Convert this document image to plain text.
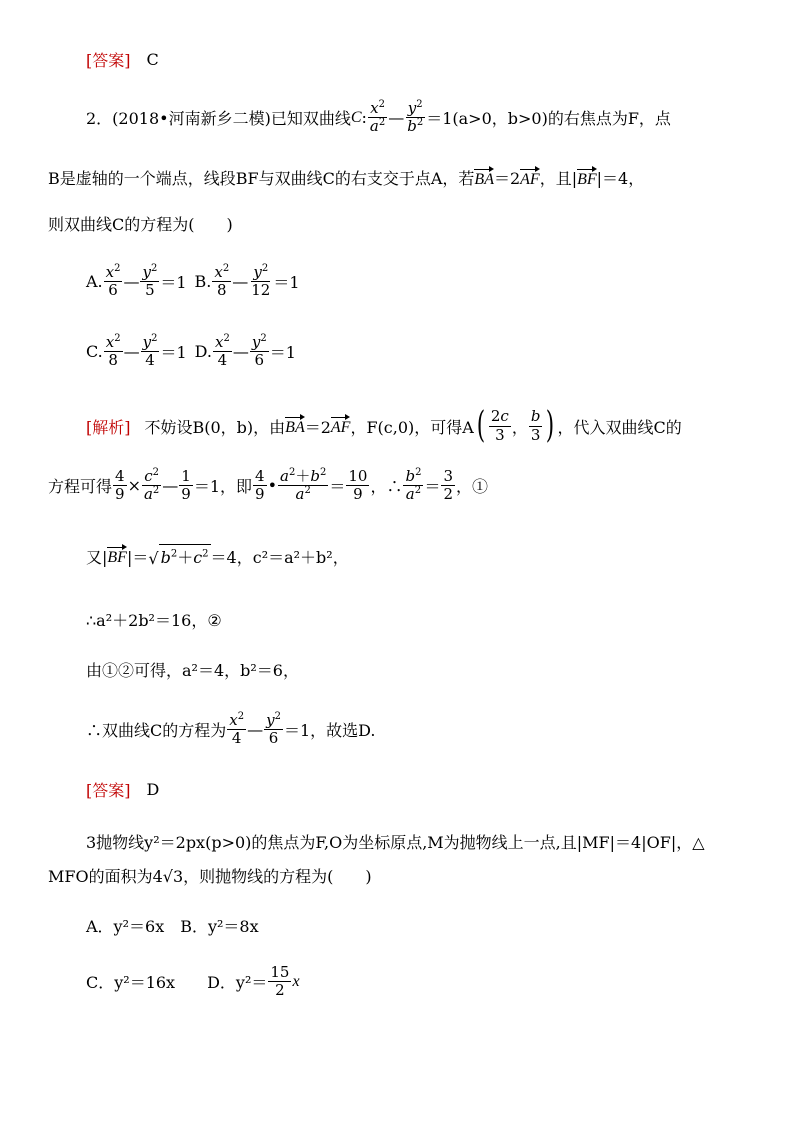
[答案] C
2．(2018•河南新乡二模)已知双曲线 C : $\frac{x^2}{a^2}$ — $\frac{y^2}{b^2} =1(a>0$，b>0)的右焦点为F，点
B是虚轴的一个端点，线段BF与双曲线C的右支交于点A，若 BA ＝2 AF ，且| BF |＝4，
则双曲线C的方程为(　　)
A. $\frac{x^2}{6}$ — $\frac{y^2}{5} =1$ B. $\frac{x^2}{8}$ — $\frac{y^2}{12} =1$
C. $\frac{x^2}{8}$ — $\frac{y^2}{4} =1$ D. $\frac{x^2}{4}$ — $\frac{y^2}{6} =1$
[解析] 不妨设B(0，b)，由 BA ＝2 AF ，F(c,0)，可得A ( $\frac{2c}{3}$ ， $\frac{b}{3}$ ) ，代入双曲线C的
方程可得 $\frac{4}{9} \times \frac{c^2}{a^2}$ — $\frac{1}{9} =1$，即 $\frac{4}{9}$ • $\frac{a^2+b^2}{a^2} = \frac{10}{9}$ ，∴ $\frac{b^2}{a^2} = \frac{3}{2}$ ，①
又| BF |＝ √ $b^2+c^2 =4$，c²＝a²＋b²，
∴a²＋2b²＝16，②
由①②可得，a²＝4，b²＝6，
∴双曲线C的方程为 $\frac{x^2}{4}$ — $\frac{y^2}{6} =1$，故选D.
[答案] D
3抛物线y²＝2px(p>0)的焦点为F,O为坐标原点,M为抛物线上一点,且|MF|＝4|OF|，△
MFO的面积为4√3，则抛物线的方程为(　　)
A．y²＝6x　B．y²＝8x
C．y²＝16x　　D．$y^2= \frac{15}{2}$ x
